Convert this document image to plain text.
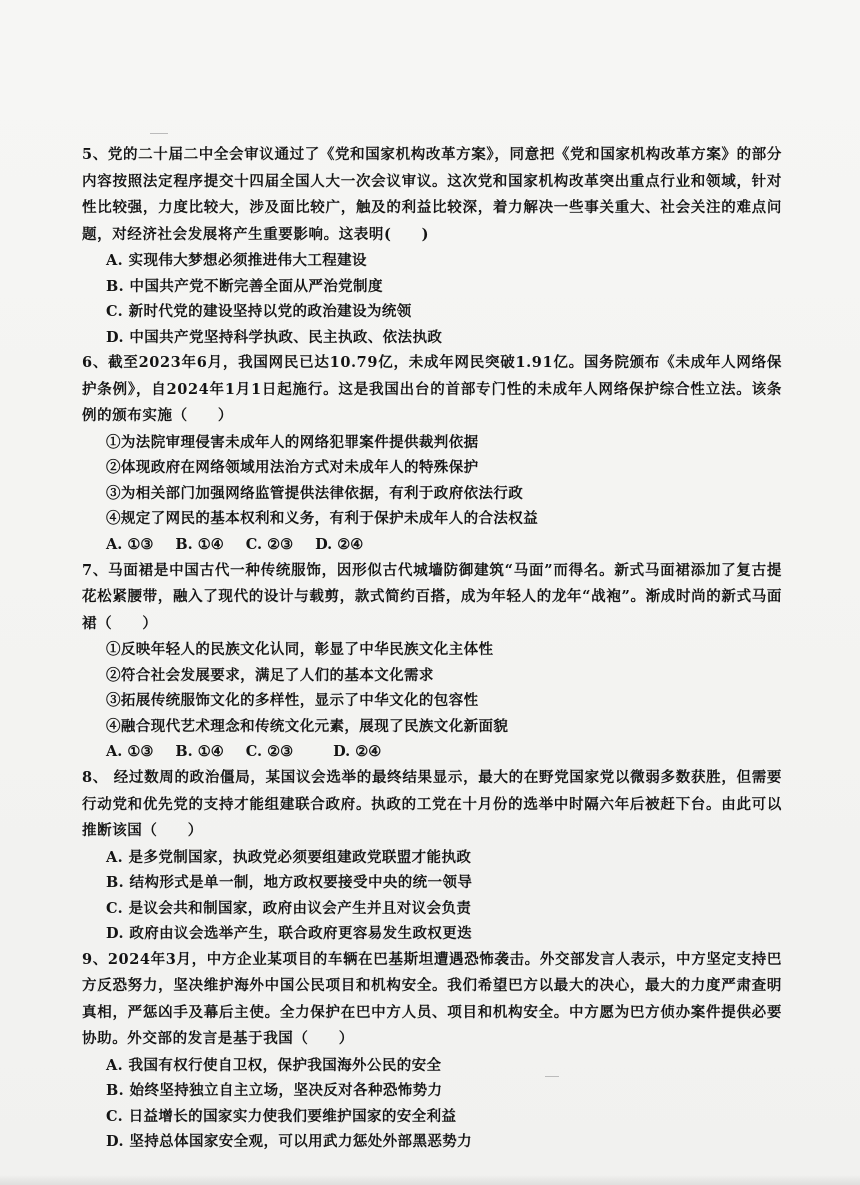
5、党的二十届二中全会审议通过了《党和国家机构改革方案》，同意把《党和国家机构改革方案》的部分内容按照法定程序提交十四届全国人大一次会议审议。这次党和国家机构改革突出重点行业和领域，针对性比较强，力度比较大，涉及面比较广，触及的利益比较深，着力解决一些事关重大、社会关注的难点问题，对经济社会发展将产生重要影响。这表明(　　)
A. 实现伟大梦想必须推进伟大工程建设
B. 中国共产党不断完善全面从严治党制度
C. 新时代党的建设坚持以党的政治建设为统领
D. 中国共产党坚持科学执政、民主执政、依法执政
6、截至2023年6月，我国网民已达10.79亿，未成年网民突破1.91亿。国务院颁布《未成年人网络保护条例》，自2024年1月1日起施行。这是我国出台的首部专门性的未成年人网络保护综合性立法。该条例的颁布实施（　　）
①为法院审理侵害未成年人的网络犯罪案件提供裁判依据
②体现政府在网络领域用法治方式对未成年人的特殊保护
③为相关部门加强网络监管提供法律依据，有利于政府依法行政
④规定了网民的基本权利和义务，有利于保护未成年人的合法权益
A. ①③ B. ①④ C. ②③ D. ②④
7、马面裙是中国古代一种传统服饰，因形似古代城墙防御建筑“马面”而得名。新式马面裙添加了复古提花松紧腰带，融入了现代的设计与载剪，款式简约百搭，成为年轻人的龙年“战袍”。渐成时尚的新式马面裙（　　）
①反映年轻人的民族文化认同，彰显了中华民族文化主体性
②符合社会发展要求，满足了人们的基本文化需求
③拓展传统服饰文化的多样性，显示了中华文化的包容性
④融合现代艺术理念和传统文化元素，展现了民族文化新面貌
A. ①③ B. ①④ C. ②③	D. ②④
8、 经过数周的政治僵局，某国议会选举的最终结果显示，最大的在野党国家党以微弱多数获胜，但需要行动党和优先党的支持才能组建联合政府。执政的工党在十月份的选举中时隔六年后被赶下台。由此可以推断该国（　　）
A. 是多党制国家，执政党必须要组建政党联盟才能执政
B. 结构形式是单一制，地方政权要接受中央的统一领导
C. 是议会共和制国家，政府由议会产生并且对议会负责
D. 政府由议会选举产生，联合政府更容易发生政权更迭
9、2024年3月，中方企业某项目的车辆在巴基斯坦遭遇恐怖袭击。外交部发言人表示，中方坚定支持巴方反恐努力，坚决维护海外中国公民项目和机构安全。我们希望巴方以最大的决心，最大的力度严肃查明真相，严惩凶手及幕后主使。全力保护在巴中方人员、项目和机构安全。中方愿为巴方侦办案件提供必要协助。外交部的发言是基于我国（　　）
A. 我国有权行使自卫权，保护我国海外公民的安全
B. 始终坚持独立自主立场，坚决反对各种恐怖势力
C. 日益增长的国家实力使我们要维护国家的安全利益
D. 坚持总体国家安全观，可以用武力惩处外部黑恶势力
